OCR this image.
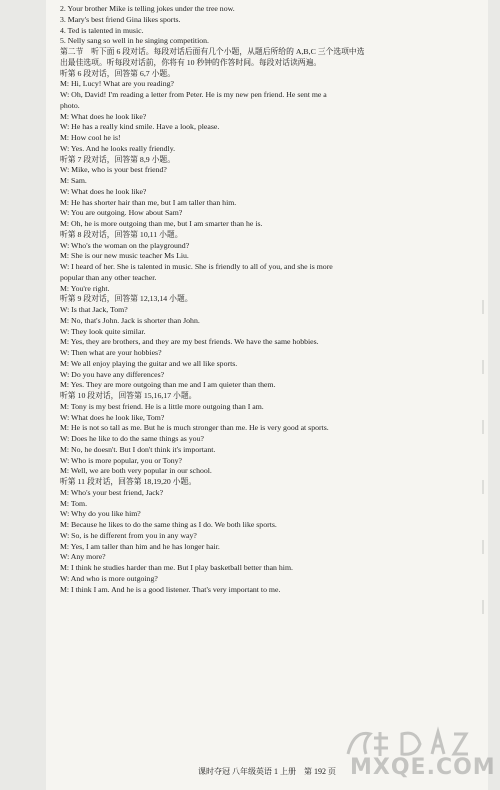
2. Your brother Mike is telling jokes under the tree now.
3. Mary's best friend Gina likes sports.
4. Ted is talented in music.
5. Nelly sang so well in he singing competition.
第二节　听下面 6 段对话。每段对话后面有几个小题，从题后所给的 A,B,C 三个选项中选
出最佳选项。听每段对话前，你将有 10 秒钟的作答时间。每段对话读两遍。
听第 6 段对话，回答第 6,7 小题。
M: Hi, Lucy! What are you reading?
W: Oh, David! I'm reading a letter from Peter. He is my new pen friend. He sent me a
photo.
M: What does he look like?
W: He has a really kind smile. Have a look, please.
M: How cool he is!
W: Yes. And he looks really friendly.
听第 7 段对话，回答第 8,9 小题。
W: Mike, who is your best friend?
M: Sam.
W: What does he look like?
M: He has shorter hair than me, but I am taller than him.
W: You are outgoing. How about Sam?
M: Oh, he is more outgoing than me, but I am smarter than he is.
听第 8 段对话，回答第 10,11 小题。
W: Who's the woman on the playground?
M: She is our new music teacher Ms Liu.
W: I heard of her. She is talented in music. She is friendly to all of you, and she is more
popular than any other teacher.
M: You're right.
听第 9 段对话，回答第 12,13,14 小题。
W: Is that Jack, Tom?
M: No, that's John. Jack is shorter than John.
W: They look quite similar.
M: Yes, they are brothers, and they are my best friends. We have the same hobbies.
W: Then what are your hobbies?
M: We all enjoy playing the guitar and we all like sports.
W: Do you have any differences?
M: Yes. They are more outgoing than me and I am quieter than them.
听第 10 段对话，回答第 15,16,17 小题。
M: Tony is my best friend. He is a little more outgoing than I am.
W: What does he look like, Tom?
M: He is not so tall as me. But he is much stronger than me. He is very good at sports.
W: Does he like to do the same things as you?
M: No, he doesn't. But I don't think it's important.
W: Who is more popular, you or Tony?
M: Well, we are both very popular in our school.
听第 11 段对话，回答第 18,19,20 小题。
M: Who's your best friend, Jack?
M: Tom.
W: Why do you like him?
M: Because he likes to do the same thing as I do. We both like sports.
W: So, is he different from you in any way?
M: Yes, I am taller than him and he has longer hair.
W: Any more?
M: I think he studies harder than me. But I play basketball better than him.
W: And who is more outgoing?
M: I think I am. And he is a good listener. That's very important to me.
课时夺冠 八年级英语 1 上册　第 192 页 MXQE.COM
